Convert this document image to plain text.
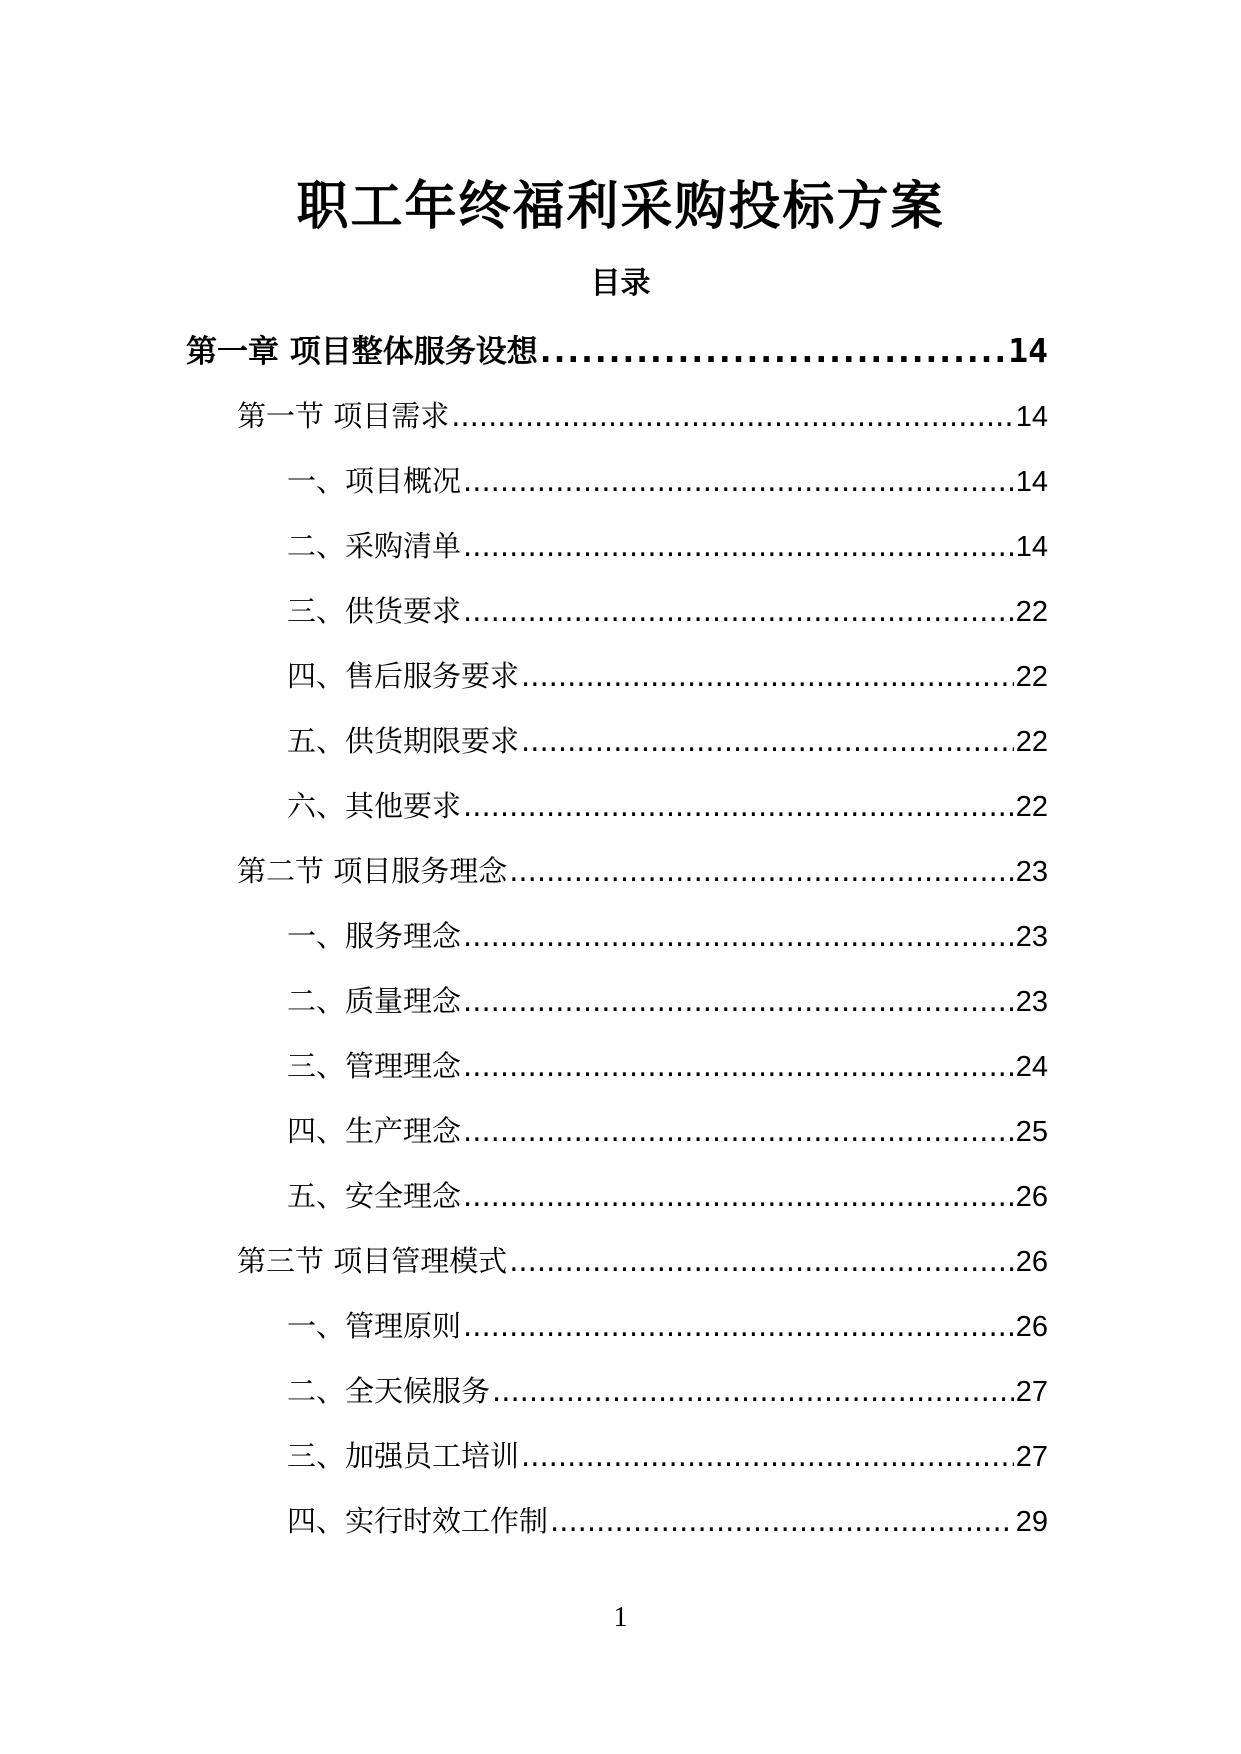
职工年终福利采购投标方案
目录
第一章 项目整体服务设想 .....	14
第一节 项目需求 .....	14
一、项目概况 .....	14
二、采购清单 .....	14
三、供货要求 .....	22
四、售后服务要求 .....	22
五、供货期限要求 .....	22
六、其他要求 .....	22
第二节 项目服务理念 .....	23
一、服务理念 .....	23
二、质量理念 .....	23
三、管理理念 .....	24
四、生产理念 .....	25
五、安全理念 .....	26
第三节 项目管理模式 .....	26
一、管理原则 .....	26
二、全天候服务 .....	27
三、加强员工培训 .....	27
四、实行时效工作制 .....	29
1
